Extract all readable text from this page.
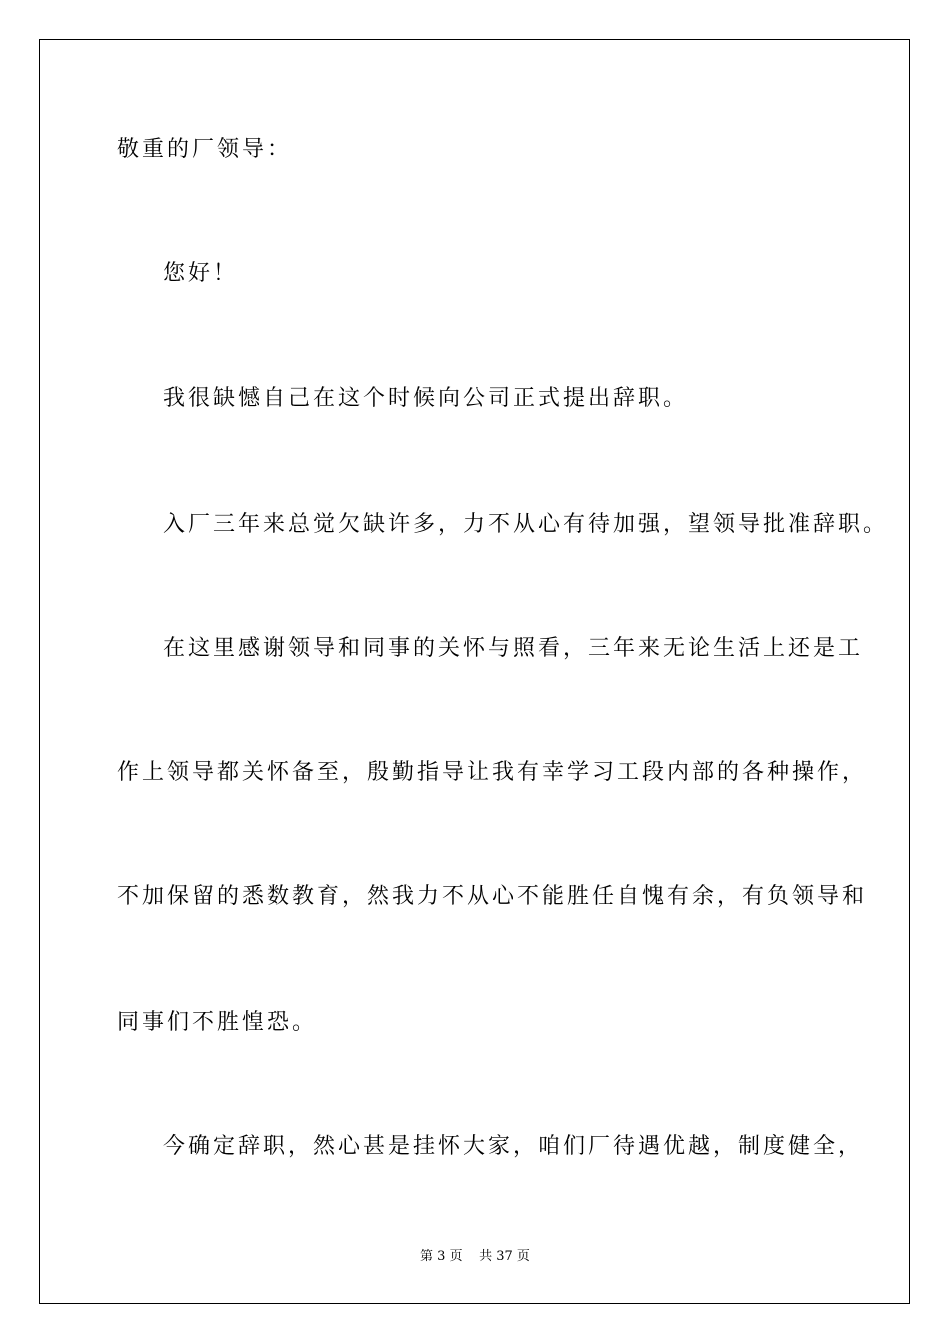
敬重的厂领导：
您好！
我很缺憾自己在这个时候向公司正式提出辞职。
入厂三年来总觉欠缺许多，力不从心有待加强，望领导批准辞职。
在这里感谢领导和同事的关怀与照看，三年来无论生活上还是工
作上领导都关怀备至，殷勤指导让我有幸学习工段内部的各种操作，
不加保留的悉数教育，然我力不从心不能胜任自愧有余，有负领导和
同事们不胜惶恐。
今确定辞职，然心甚是挂怀大家，咱们厂待遇优越，制度健全，
第 3 页 共 37 页
